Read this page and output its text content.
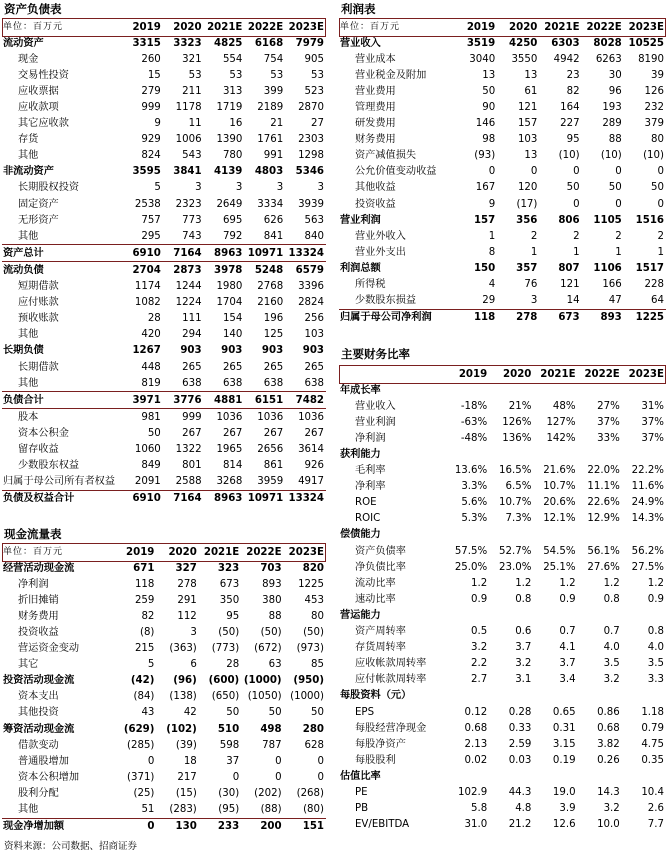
资产负债表
单位：百万元	2019	2020	2021E	2022E	2023E
流动资产	3315	3323	4825	6168	7979
现金	260	321	554	754	905
交易性投资	15	53	53	53	53
应收票据	279	211	313	399	523
应收款项	999	1178	1719	2189	2870
其它应收款	9	11	16	21	27
存货	929	1006	1390	1761	2303
其他	824	543	780	991	1298
非流动资产	3595	3841	4139	4803	5346
长期股权投资	5	3	3	3	3
固定资产	2538	2323	2649	3334	3939
无形资产	757	773	695	626	563
其他	295	743	792	841	840
资产总计	6910	7164	8963	10971	13324
流动负债	2704	2873	3978	5248	6579
短期借款	1174	1244	1980	2768	3396
应付账款	1082	1224	1704	2160	2824
预收账款	28	111	154	196	256
其他	420	294	140	125	103
长期负债	1267	903	903	903	903
长期借款	448	265	265	265	265
其他	819	638	638	638	638
负债合计	3971	3776	4881	6151	7482
股本	981	999	1036	1036	1036
资本公积金	50	267	267	267	267
留存收益	1060	1322	1965	2656	3614
少数股东权益	849	801	814	861	926
归属于母公司所有者权益	2091	2588	3268	3959	4917
负债及权益合计	6910	7164	8963	10971	13324
现金流量表
单位：百万元	2019	2020	2021E	2022E	2023E
经营活动现金流	671	327	323	703	820
净利润	118	278	673	893	1225
折旧摊销	259	291	350	380	453
财务费用	82	112	95	88	80
投资收益	(8)	3	(50)	(50)	(50)
营运资金变动	215	(363)	(773)	(672)	(973)
其它	5	6	28	63	85
投资活动现金流	(42)	(96)	(600)	(1000)	(950)
资本支出	(84)	(138)	(650)	(1050)	(1000)
其他投资	43	42	50	50	50
筹资活动现金流	(629)	(102)	510	498	280
借款变动	(285)	(39)	598	787	628
普通股增加	0	18	37	0	0
资本公积增加	(371)	217	0	0	0
股利分配	(25)	(15)	(30)	(202)	(268)
其他	51	(283)	(95)	(88)	(80)
现金净增加额	0	130	233	200	151
利润表
单位：百万元	2019	2020	2021E	2022E	2023E
营业收入	3519	4250	6303	8028	10525
营业成本	3040	3550	4942	6263	8190
营业税金及附加	13	13	23	30	39
营业费用	50	61	82	96	126
管理费用	90	121	164	193	232
研发费用	146	157	227	289	379
财务费用	98	103	95	88	80
资产减值损失	(93)	13	(10)	(10)	(10)
公允价值变动收益	0	0	0	0	0
其他收益	167	120	50	50	50
投资收益	9	(17)	0	0	0
营业利润	157	356	806	1105	1516
营业外收入	1	2	2	2	2
营业外支出	8	1	1	1	1
利润总额	150	357	807	1106	1517
所得税	4	76	121	166	228
少数股东损益	29	3	14	47	64
归属于母公司净利润	118	278	673	893	1225
主要财务比率
	2019	2020	2021E	2022E	2023E
年成长率					
营业收入	-18%	21%	48%	27%	31%
营业利润	-63%	126%	127%	37%	37%
净利润	-48%	136%	142%	33%	37%
获利能力					
毛利率	13.6%	16.5%	21.6%	22.0%	22.2%
净利率	3.3%	6.5%	10.7%	11.1%	11.6%
ROE	5.6%	10.7%	20.6%	22.6%	24.9%
ROIC	5.3%	7.3%	12.1%	12.9%	14.3%
偿债能力					
资产负债率	57.5%	52.7%	54.5%	56.1%	56.2%
净负债比率	25.0%	23.0%	25.1%	27.6%	27.5%
流动比率	1.2	1.2	1.2	1.2	1.2
速动比率	0.9	0.8	0.9	0.8	0.9
营运能力					
资产周转率	0.5	0.6	0.7	0.7	0.8
存货周转率	3.2	3.7	4.1	4.0	4.0
应收帐款周转率	2.2	3.2	3.7	3.5	3.5
应付帐款周转率	2.7	3.1	3.4	3.2	3.3
每股资料（元）					
EPS	0.12	0.28	0.65	0.86	1.18
每股经营净现金	0.68	0.33	0.31	0.68	0.79
每股净资产	2.13	2.59	3.15	3.82	4.75
每股股利	0.02	0.03	0.19	0.26	0.35
估值比率					
PE	102.9	44.3	19.0	14.3	10.4
PB	5.8	4.8	3.9	3.2	2.6
EV/EBITDA	31.0	21.2	12.6	10.0	7.7
资料来源：公司数据、招商证券
